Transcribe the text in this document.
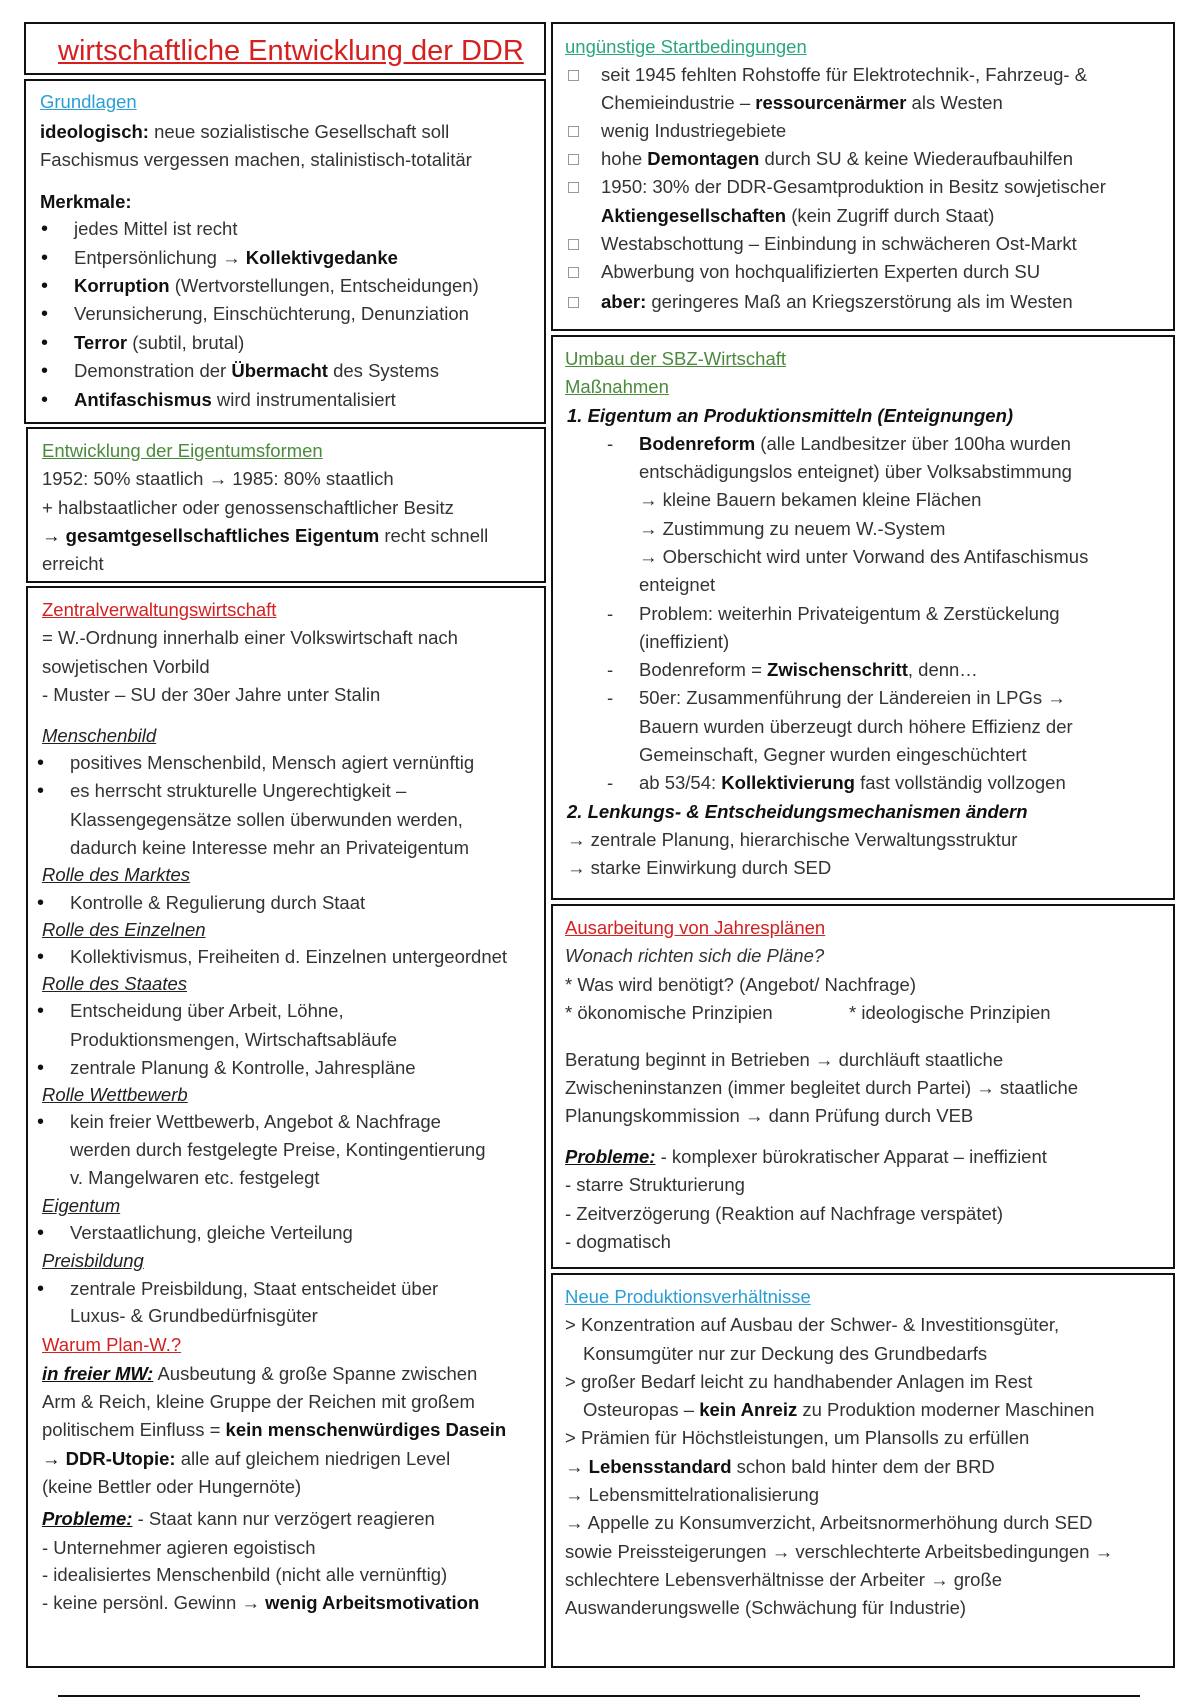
wirtschaftliche Entwicklung der DDR
Grundlagen
ideologisch: neue sozialistische Gesellschaft soll
Faschismus vergessen machen, stalinistisch-totalitär
Merkmale:
• jedes Mittel ist recht
• Entpersönlichung → Kollektivgedanke
• Korruption (Wertvorstellungen, Entscheidungen)
• Verunsicherung, Einschüchterung, Denunziation
• Terror (subtil, brutal)
• Demonstration der Übermacht des Systems
• Antifaschismus wird instrumentalisiert
Entwicklung der Eigentumsformen
1952: 50% staatlich → 1985: 80% staatlich
+ halbstaatlicher oder genossenschaftlicher Besitz
→ gesamtgesellschaftliches Eigentum recht schnell
erreicht
Zentralverwaltungswirtschaft
= W.-Ordnung innerhalb einer Volkswirtschaft nach
sowjetischen Vorbild
- Muster – SU der 30er Jahre unter Stalin
Menschenbild
• positives Menschenbild, Mensch agiert vernünftig
• es herrscht strukturelle Ungerechtigkeit –
Klassengegensätze sollen überwunden werden,
dadurch keine Interesse mehr an Privateigentum
Rolle des Marktes
• Kontrolle & Regulierung durch Staat
Rolle des Einzelnen
• Kollektivismus, Freiheiten d. Einzelnen untergeordnet
Rolle des Staates
• Entscheidung über Arbeit, Löhne,
Produktionsmengen, Wirtschaftsabläufe
• zentrale Planung & Kontrolle, Jahrespläne
Rolle Wettbewerb
• kein freier Wettbewerb, Angebot & Nachfrage
werden durch festgelegte Preise, Kontingentierung
v. Mangelwaren etc. festgelegt
Eigentum
• Verstaatlichung, gleiche Verteilung
Preisbildung
• zentrale Preisbildung, Staat entscheidet über
Luxus- & Grundbedürfnisgüter
Warum Plan-W.?
in freier MW: Ausbeutung & große Spanne zwischen
Arm & Reich, kleine Gruppe der Reichen mit großem
politischem Einfluss = kein menschenwürdiges Dasein
→ DDR-Utopie: alle auf gleichem niedrigen Level
(keine Bettler oder Hungernöte)
Probleme: - Staat kann nur verzögert reagieren
- Unternehmer agieren egoistisch
- idealisiertes Menschenbild (nicht alle vernünftig)
- keine persönl. Gewinn → wenig Arbeitsmotivation
ungünstige Startbedingungen
seit 1945 fehlten Rohstoffe für Elektrotechnik-, Fahrzeug- &
Chemieindustrie – ressourcenärmer als Westen
wenig Industriegebiete
hohe Demontagen durch SU & keine Wiederaufbauhilfen
1950: 30% der DDR-Gesamtproduktion in Besitz sowjetischer
Aktiengesellschaften (kein Zugriff durch Staat)
Westabschottung – Einbindung in schwächeren Ost-Markt
Abwerbung von hochqualifizierten Experten durch SU
aber: geringeres Maß an Kriegszerstörung als im Westen
Umbau der SBZ-Wirtschaft
Maßnahmen
1. Eigentum an Produktionsmitteln (Enteignungen)
- Bodenreform (alle Landbesitzer über 100ha wurden
entschädigungslos enteignet) über Volksabstimmung
→ kleine Bauern bekamen kleine Flächen
→ Zustimmung zu neuem W.-System
→ Oberschicht wird unter Vorwand des Antifaschismus
enteignet
- Problem: weiterhin Privateigentum & Zerstückelung
(ineffizient)
- Bodenreform = Zwischenschritt, denn…
- 50er: Zusammenführung der Ländereien in LPGs →
Bauern wurden überzeugt durch höhere Effizienz der
Gemeinschaft, Gegner wurden eingeschüchtert
- ab 53/54: Kollektivierung fast vollständig vollzogen
2. Lenkungs- & Entscheidungsmechanismen ändern
→ zentrale Planung, hierarchische Verwaltungsstruktur
→ starke Einwirkung durch SED
Ausarbeitung von Jahresplänen
Wonach richten sich die Pläne?
* Was wird benötigt? (Angebot/ Nachfrage)
* ökonomische Prinzipien	* ideologische Prinzipien
Beratung beginnt in Betrieben → durchläuft staatliche
Zwischeninstanzen (immer begleitet durch Partei) → staatliche
Planungskommission → dann Prüfung durch VEB
Probleme: - komplexer bürokratischer Apparat – ineffizient
- starre Strukturierung
- Zeitverzögerung (Reaktion auf Nachfrage verspätet)
- dogmatisch
Neue Produktionsverhältnisse
> Konzentration auf Ausbau der Schwer- & Investitionsgüter,
Konsumgüter nur zur Deckung des Grundbedarfs
> großer Bedarf leicht zu handhabender Anlagen im Rest
Osteuropas – kein Anreiz zu Produktion moderner Maschinen
> Prämien für Höchstleistungen, um Plansolls zu erfüllen
→ Lebensstandard schon bald hinter dem der BRD
→ Lebensmittelrationalisierung
→ Appelle zu Konsumverzicht, Arbeitsnormerhöhung durch SED
sowie Preissteigerungen → verschlechterte Arbeitsbedingungen →
schlechtere Lebensverhältnisse der Arbeiter → große
Auswanderungswelle (Schwächung für Industrie)
